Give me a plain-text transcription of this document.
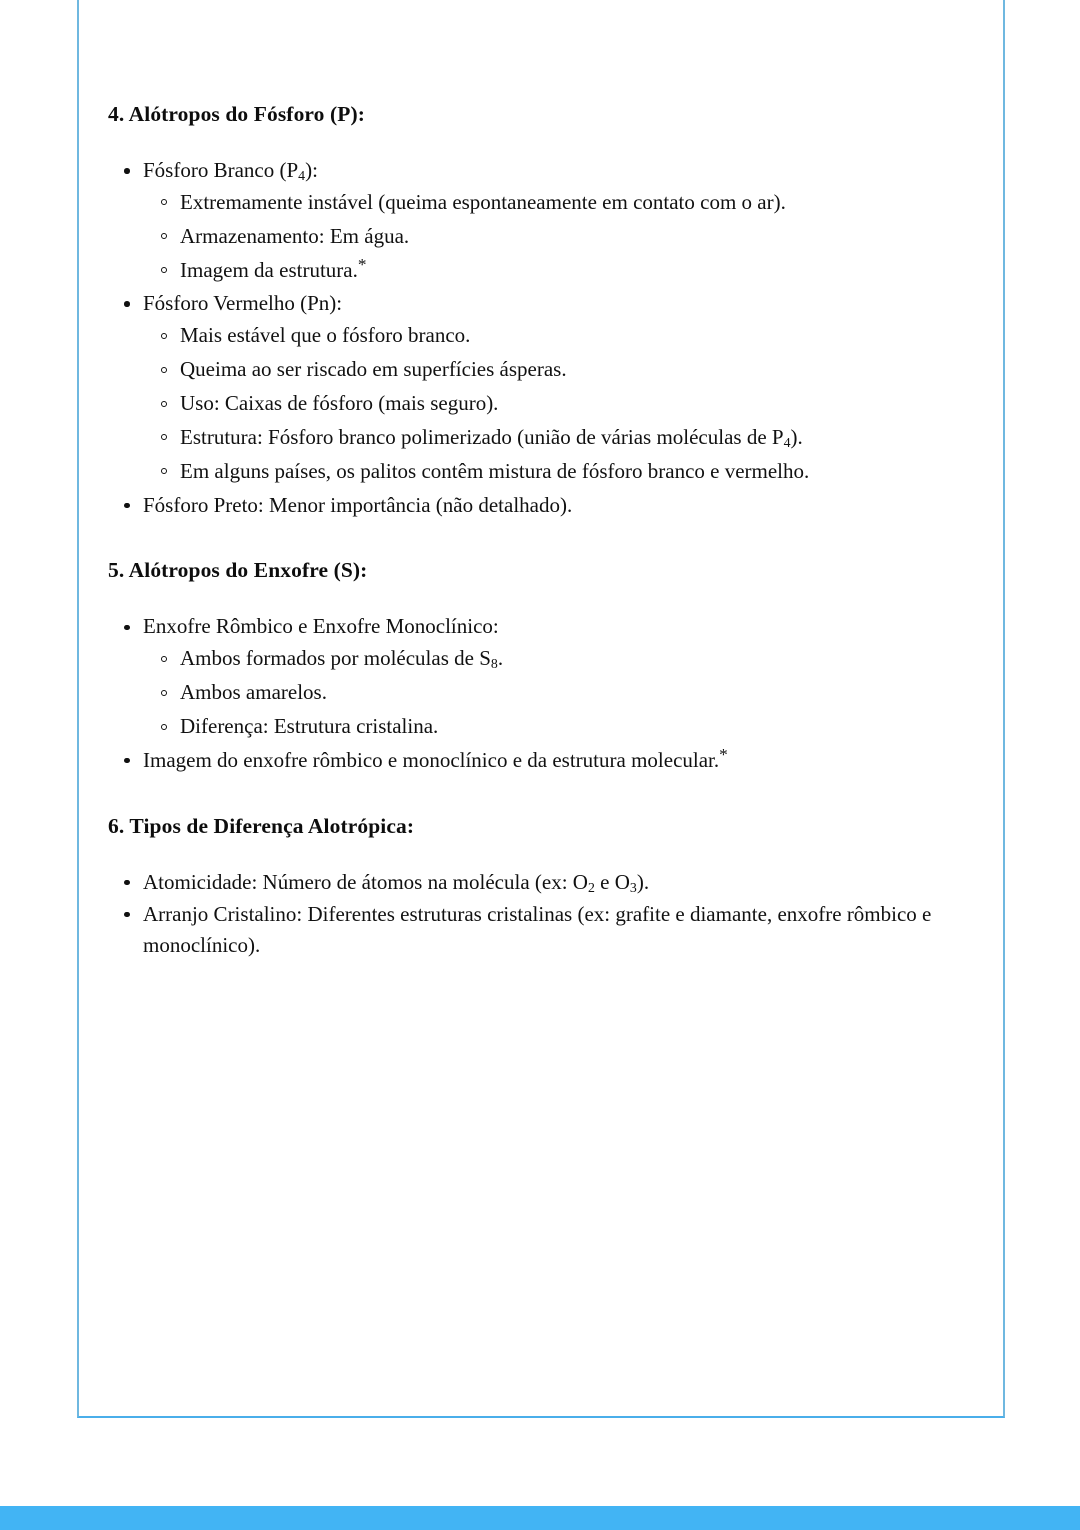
4. Alótropos do Fósforo (P):
Fósforo Branco $(P_4)$:
Extremamente instável (queima espontaneamente em contato com o ar).
Armazenamento: Em água.
Imagem da estrutura.*
Fósforo Vermelho (Pn):
Mais estável que o fósforo branco.
Queima ao ser riscado em superfícies ásperas.
Uso: Caixas de fósforo (mais seguro).
Estrutura: Fósforo branco polimerizado (união de várias moléculas de $P_4$).
Em alguns países, os palitos contêm mistura de fósforo branco e vermelho.
Fósforo Preto: Menor importância (não detalhado).
5. Alótropos do Enxofre (S):
Enxofre Rômbico e Enxofre Monoclínico:
Ambos formados por moléculas de $S_8$.
Ambos amarelos.
Diferença: Estrutura cristalina.
Imagem do enxofre rômbico e monoclínico e da estrutura molecular.*
6. Tipos de Diferença Alotrópica:
Atomicidade: Número de átomos na molécula (ex: $O_2$ e $O_3$).
Arranjo Cristalino: Diferentes estruturas cristalinas (ex: grafite e diamante, enxofre rômbico e monoclínico).
